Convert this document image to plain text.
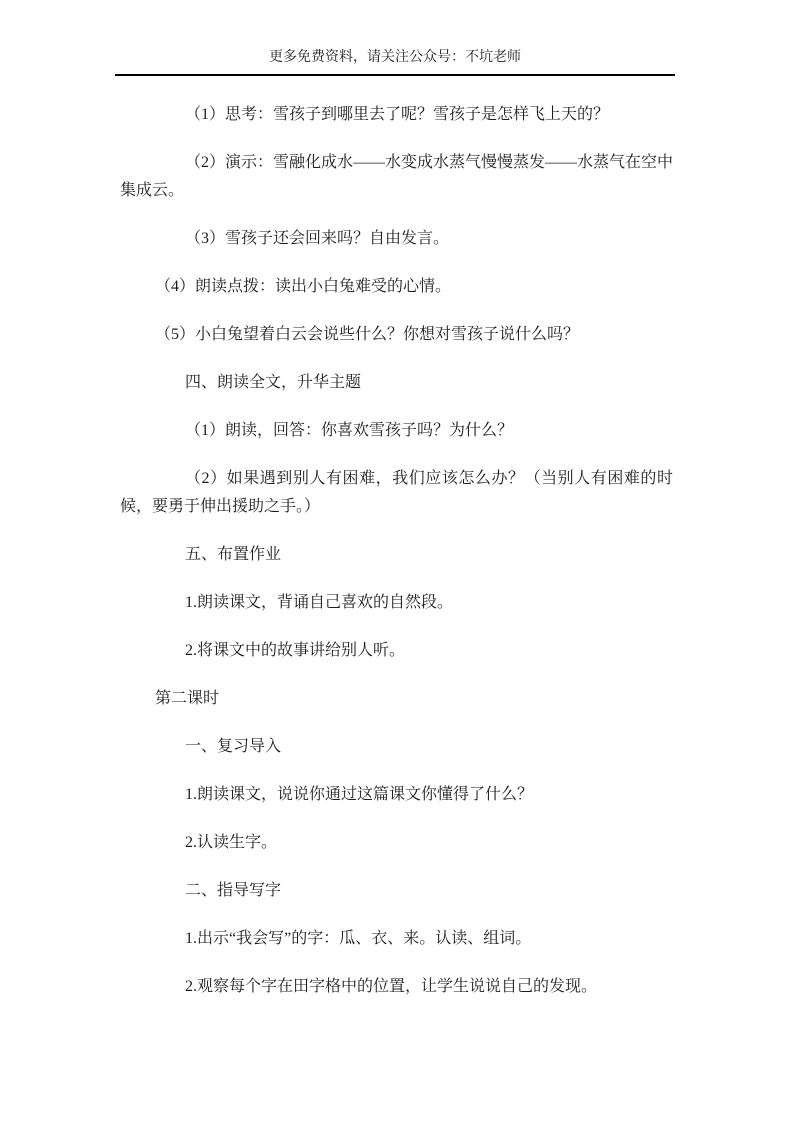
更多免费资料，请关注公众号：不坑老师

（1）思考：雪孩子到哪里去了呢？雪孩子是怎样飞上天的？

（2）演示：雪融化成水——水变成水蒸气慢慢蒸发——水蒸气在空中集成云。

（3）雪孩子还会回来吗？自由发言。

（4）朗读点拨：读出小白兔难受的心情。

（5）小白兔望着白云会说些什么？你想对雪孩子说什么吗？

四、朗读全文，升华主题

（1）朗读，回答：你喜欢雪孩子吗？为什么？

（2）如果遇到别人有困难，我们应该怎么办？（当别人有困难的时候，要勇于伸出援助之手。）

五、布置作业

1.朗读课文，背诵自己喜欢的自然段。

2.将课文中的故事讲给别人听。

第二课时

一、复习导入

1.朗读课文，说说你通过这篇课文你懂得了什么？

2.认读生字。

二、指导写字

1.出示“我会写”的字：瓜、衣、来。认读、组词。

2.观察每个字在田字格中的位置，让学生说说自己的发现。
